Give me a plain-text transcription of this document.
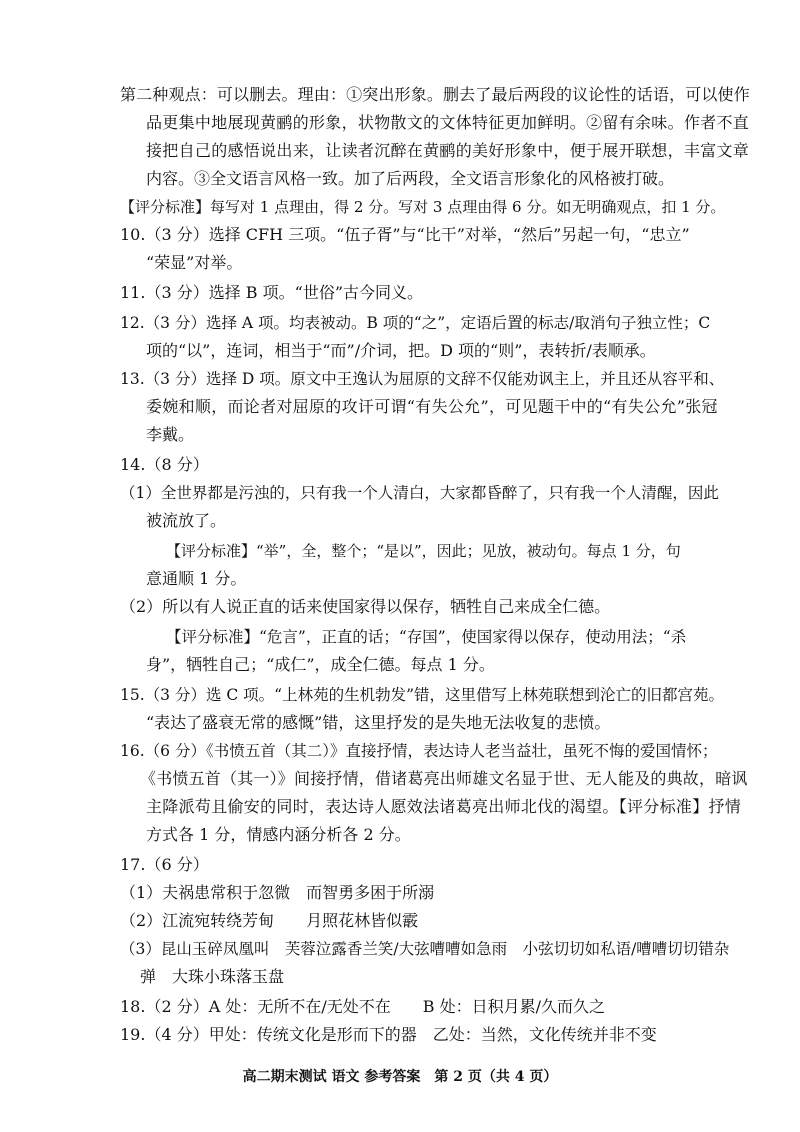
第二种观点：可以删去。理由：①突出形象。删去了最后两段的议论性的话语，可以使作
品更集中地展现黄鹂的形象，状物散文的文体特征更加鲜明。②留有余味。作者不直
接把自己的感悟说出来，让读者沉醉在黄鹂的美好形象中，便于展开联想，丰富文章
内容。③全文语言风格一致。加了后两段，全文语言形象化的风格被打破。
【评分标准】每写对 1 点理由，得 2 分。写对 3 点理由得 6 分。如无明确观点，扣 1 分。
10.（3 分）选择 CFH 三项。“伍子胥”与“比干”对举，“然后”另起一句，“忠立”
“荣显”对举。
11.（3 分）选择 B 项。“世俗”古今同义。
12.（3 分）选择 A 项。均表被动。B 项的“之”，定语后置的标志/取消句子独立性；C
项的“以”，连词，相当于“而”/介词，把。D 项的“则”，表转折/表顺承。
13.（3 分）选择 D 项。原文中王逸认为屈原的文辞不仅能劝讽主上，并且还从容平和、
委婉和顺，而论者对屈原的攻讦可谓“有失公允”，可见题干中的“有失公允”张冠
李戴。
14.（8 分）
（1）全世界都是污浊的，只有我一个人清白，大家都昏醉了，只有我一个人清醒，因此
被流放了。
【评分标准】“举”，全，整个；“是以”，因此；见放，被动句。每点 1 分，句
意通顺 1 分。
（2）所以有人说正直的话来使国家得以保存，牺牲自己来成全仁德。
【评分标准】“危言”，正直的话；“存国”，使国家得以保存，使动用法；“杀
身”，牺牲自己；“成仁”，成全仁德。每点 1 分。
15.（3 分）选 C 项。“上林苑的生机勃发”错，这里借写上林苑联想到沦亡的旧都宫苑。
“表达了盛衰无常的感慨”错，这里抒发的是失地无法收复的悲愤。
16.（6 分）《书愤五首（其二）》直接抒情，表达诗人老当益壮，虽死不悔的爱国情怀；
《书愤五首（其一）》间接抒情，借诸葛亮出师雄文名显于世、无人能及的典故，暗讽
主降派苟且偷安的同时，表达诗人愿效法诸葛亮出师北伐的渴望。【评分标准】抒情
方式各 1 分，情感内涵分析各 2 分。
17.（6 分）
（1）夫祸患常积于忽微　而智勇多困于所溺
（2）江流宛转绕芳甸　　月照花林皆似霰
（3）昆山玉碎凤凰叫　芙蓉泣露香兰笑/大弦嘈嘈如急雨　小弦切切如私语/嘈嘈切切错杂
弹　大珠小珠落玉盘
18.（2 分）A 处：无所不在/无处不在　　B 处：日积月累/久而久之
19.（4 分）甲处：传统文化是形而下的器　乙处：当然，文化传统并非不变
高二期末测试 语文 参考答案　第 2 页（共 4 页）
